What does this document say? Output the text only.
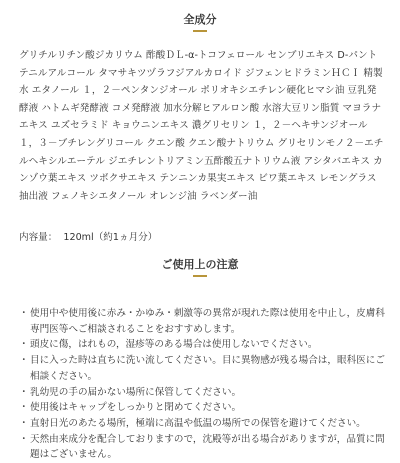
全成分

グリチルリチン酸ジカリウム 酢酸ＤＬ-α-トコフェロール センブリエキス D-パントテニルアルコール タマサキツヅラフジアルカロイド ジフェンヒドラミンＨＣＩ 精製水 エタノール １，２－ペンタンジオール ポリオキシエチレン硬化ヒマシ油 豆乳発酵液 ハトムギ発酵液 コメ発酵液 加水分解ヒアルロン酸 水溶大豆リン脂質 マヨラナエキス ユズセラミド キョウニンエキス 濃グリセリン １，２－ヘキサンジオール １，３－ブチレングリコール クエン酸 クエン酸ナトリウム グリセリンモノ２－エチルヘキシルエーテル ジエチレントリアミン五酢酸五ナトリウム液 アシタバエキス カンゾウ葉エキス ツボクサエキス テンニンカ果実エキス ビワ葉エキス レモングラス抽出液 フェノキシエタノール オレンジ油 ラベンダー油

内容量： 120ml（約1ヵ月分）

ご使用上の注意
・ 使用中や使用後に赤み・かゆみ・刺激等の異常が現れた際は使用を中止し，皮膚科専門医等へご相談されることをおすすめします。
・ 頭皮に傷，はれもの，湿疹等のある場合は使用しないでください。
・ 目に入った時は直ちに洗い流してください。目に異物感が残る場合は，眼科医にご相談ください。
・ 乳幼児の手の届かない場所に保管してください。
・ 使用後はキャップをしっかりと閉めてください。
・ 直射日光のあたる場所，極端に高温や低温の場所での保管を避けてください。
・ 天然由来成分を配合しておりますので，沈殿等が出る場合がありますが，品質に問題はございません。
